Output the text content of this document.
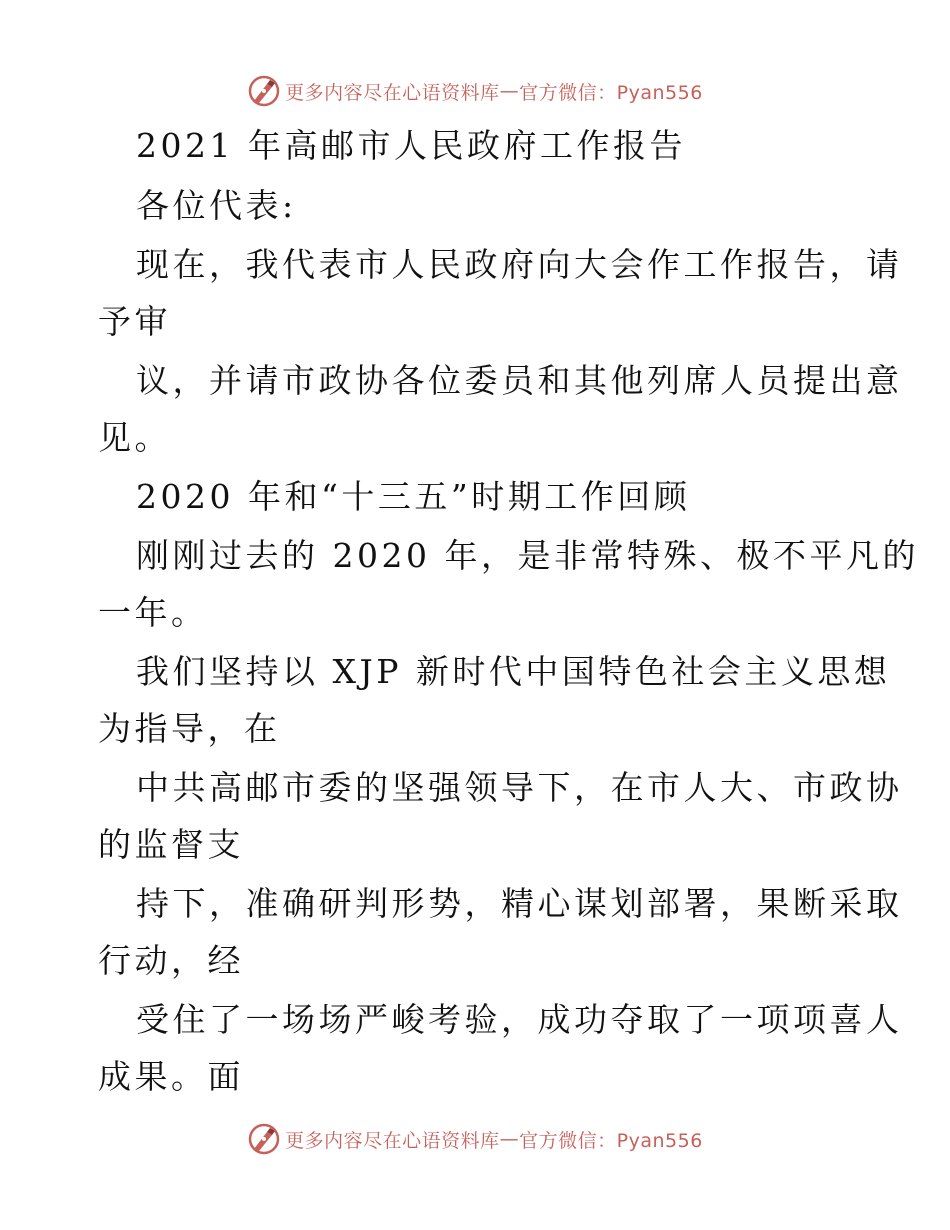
更多内容尽在心语资料库 — 官方微信：Pyan556
2021 年高邮市人民政府工作报告
各位代表:
现在，我代表市人民政府向大会作工作报告，请
予审
议，并请市政协各位委员和其他列席人员提出意
见。
2020 年和“十三五”时期工作回顾
刚刚过去的 2020 年，是非常特殊、极不平凡的
一年。
我们坚持以 XJP 新时代中国特色社会主义思想
为指导，在
中共高邮市委的坚强领导下，在市人大、市政协
的监督支
持下，准确研判形势，精心谋划部署，果断采取
行动，经
受住了一场场严峻考验，成功夺取了一项项喜人
成果。面
更多内容尽在心语资料库 — 官方微信：Pyan556
